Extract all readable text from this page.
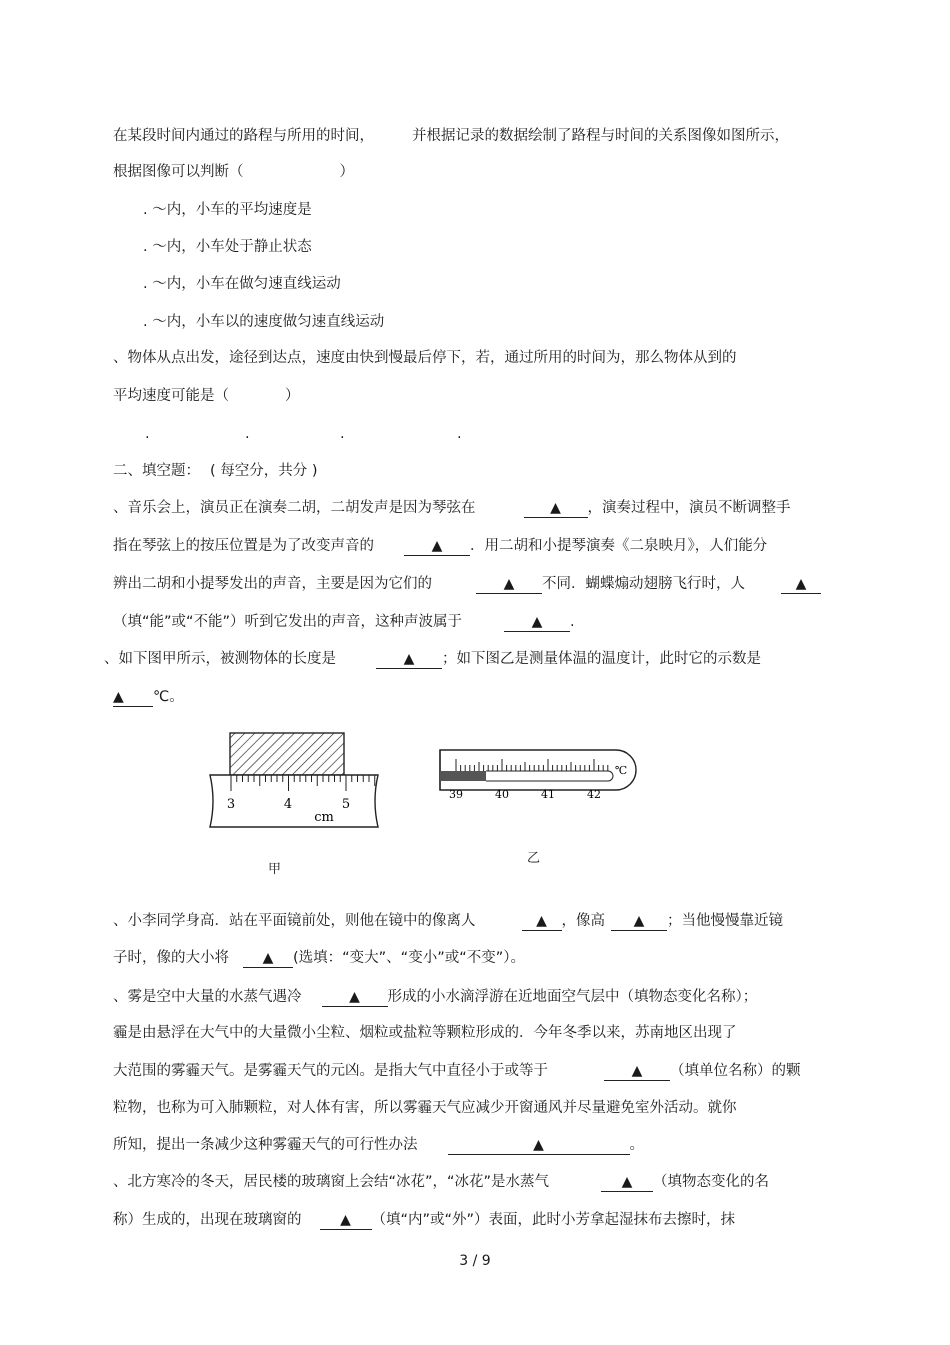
在某段时间内通过的路程与所用的时间，	并根据记录的数据绘制了路程与时间的关系图像如图所示，
根据图像可以判断（	）
. ～内，小车的平均速度是
. ～内，小车处于静止状态
. ～内，小车在做匀速直线运动
. ～内，小车以的速度做匀速直线运动
、物体从点出发，途径到达点，速度由快到慢最后停下，若，通过所用的时间为，那么物体从到的
平均速度可能是（	）
.	.	.	.
二、填空题： ( 每空分，共分 )
、音乐会上，演员正在演奏二胡，二胡发声是因为琴弦在	▲ ，演奏过程中，演员不断调整手
指在琴弦上的按压位置是为了改变声音的	▲ ．用二胡和小提琴演奏《二泉映月》，人们能分
辨出二胡和小提琴发出的声音，主要是因为它们的	▲ 不同．蝴蝶煽动翅膀飞行时，人	▲
（填“能”或“不能”）听到它发出的声音，这种声波属于	▲ .
、如下图甲所示，被测物体的长度是	▲ ；如下图乙是测量体温的温度计，此时它的示数是
▲ ℃。
3	4	5
cm
甲
39	40	41	42
℃
乙
、小李同学身高．站在平面镜前处，则他在镜中的像离人	▲ ，像高 ▲ ；当他慢慢靠近镜
子时，像的大小将 ▲ (选填：“变大”、“变小”或“不变”）。
、雾是空中大量的水蒸气遇冷	▲ 形成的小水滴浮游在近地面空气层中（填物态变化名称）；
霾是由悬浮在大气中的大量微小尘粒、烟粒或盐粒等颗粒形成的．今年冬季以来，苏南地区出现了
大范围的雾霾天气。是雾霾天气的元凶。是指大气中直径小于或等于	▲ （填单位名称）的颗
粒物，也称为可入肺颗粒，对人体有害，所以雾霾天气应减少开窗通风并尽量避免室外活动。就你
所知，提出一条减少这种雾霾天气的可行性办法	▲	。
、北方寒冷的冬天，居民楼的玻璃窗上会结“冰花”，“冰花”是水蒸气	▲ （填物态变化的名
称）生成的，出现在玻璃窗的	▲ （填“内”或“外”）表面，此时小芳拿起湿抹布去擦时，抹
3 / 9
